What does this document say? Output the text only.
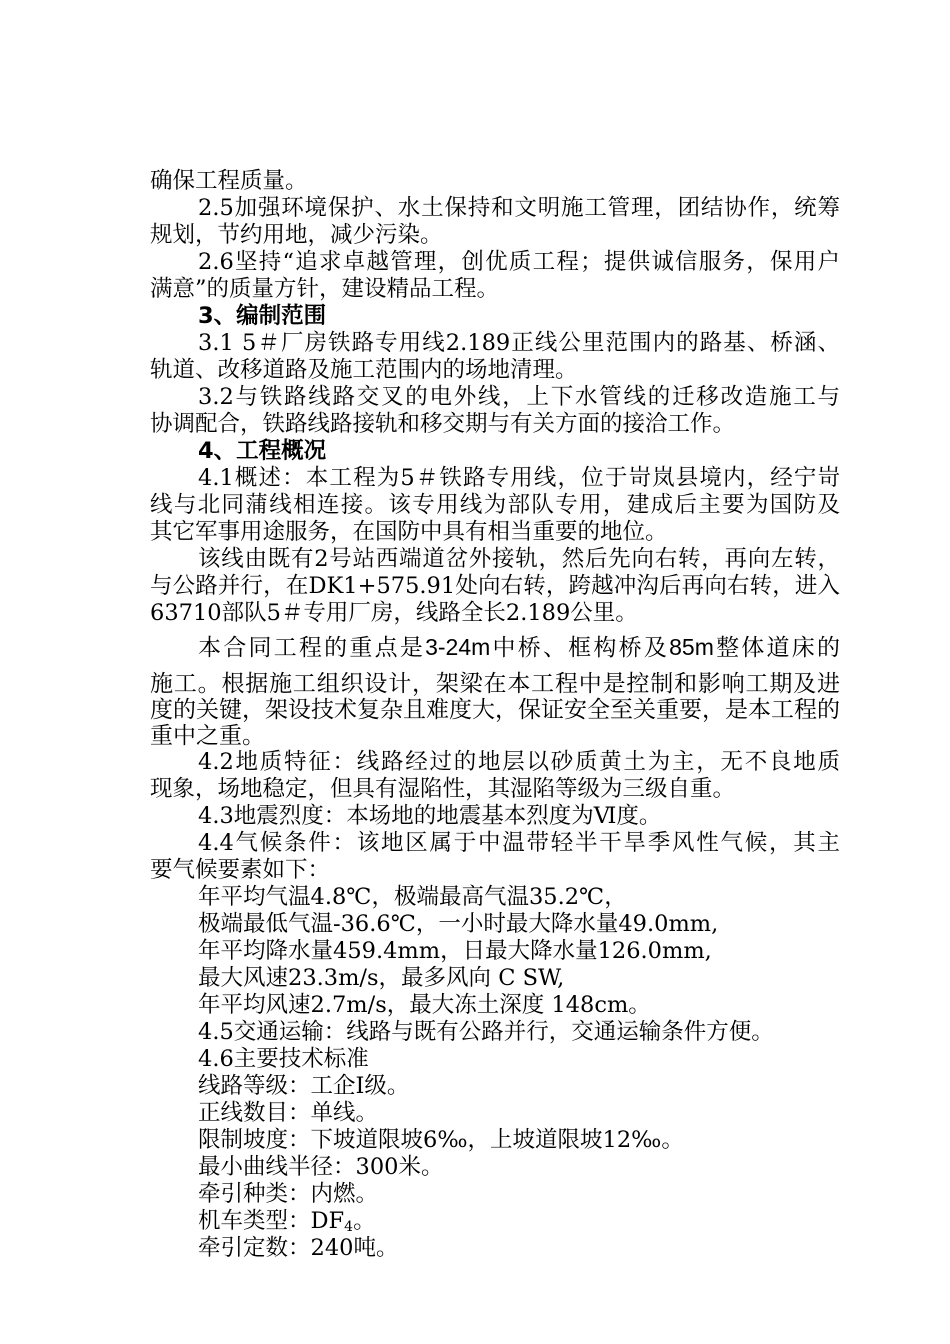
确保工程质量。
2.5加强环境保护、水土保持和文明施工管理，团结协作，统筹
规划，节约用地，减少污染。
2.6坚持“追求卓越管理，创优质工程；提供诚信服务，保用户
满意”的质量方针，建设精品工程。
3、编制范围
3.1 5＃厂房铁路专用线2.189正线公里范围内的路基、桥涵、
轨道、改移道路及施工范围内的场地清理。
3.2与铁路线路交叉的电外线，上下水管线的迁移改造施工与
协调配合，铁路线路接轨和移交期与有关方面的接洽工作。
4、工程概况
4.1概述：本工程为5＃铁路专用线，位于岢岚县境内，经宁岢
线与北同蒲线相连接。该专用线为部队专用，建成后主要为国防及
其它军事用途服务，在国防中具有相当重要的地位。
该线由既有2号站西端道岔外接轨，然后先向右转，再向左转，
与公路并行，在DK1+575.91处向右转，跨越冲沟后再向右转，进入
63710部队5＃专用厂房，线路全长2.189公里。
本合同工程的重点是3-24m中桥、框构桥及85m整体道床的
施工。根据施工组织设计，架梁在本工程中是控制和影响工期及进
度的关键，架设技术复杂且难度大，保证安全至关重要，是本工程的
重中之重。
4.2地质特征：线路经过的地层以砂质黄土为主，无不良地质
现象，场地稳定，但具有湿陷性，其湿陷等级为三级自重。
4.3地震烈度：本场地的地震基本烈度为Ⅵ度。
4.4气候条件：该地区属于中温带轻半干旱季风性气候，其主
要气候要素如下：
年平均气温4.8℃，极端最高气温35.2℃，
极端最低气温-36.6℃，一小时最大降水量49.0mm,
年平均降水量459.4mm，日最大降水量126.0mm,
最大风速23.3m/s，最多风向 C SW,
年平均风速2.7m/s，最大冻土深度 148cm。
4.5交通运输：线路与既有公路并行，交通运输条件方便。
4.6主要技术标准
线路等级：工企Ⅰ级。
正线数目：单线。
限制坡度：下坡道限坡6‰，上坡道限坡12‰。
最小曲线半径：300米。
牵引种类：内燃。
机车类型：$DF_4$。
牵引定数：240吨。
